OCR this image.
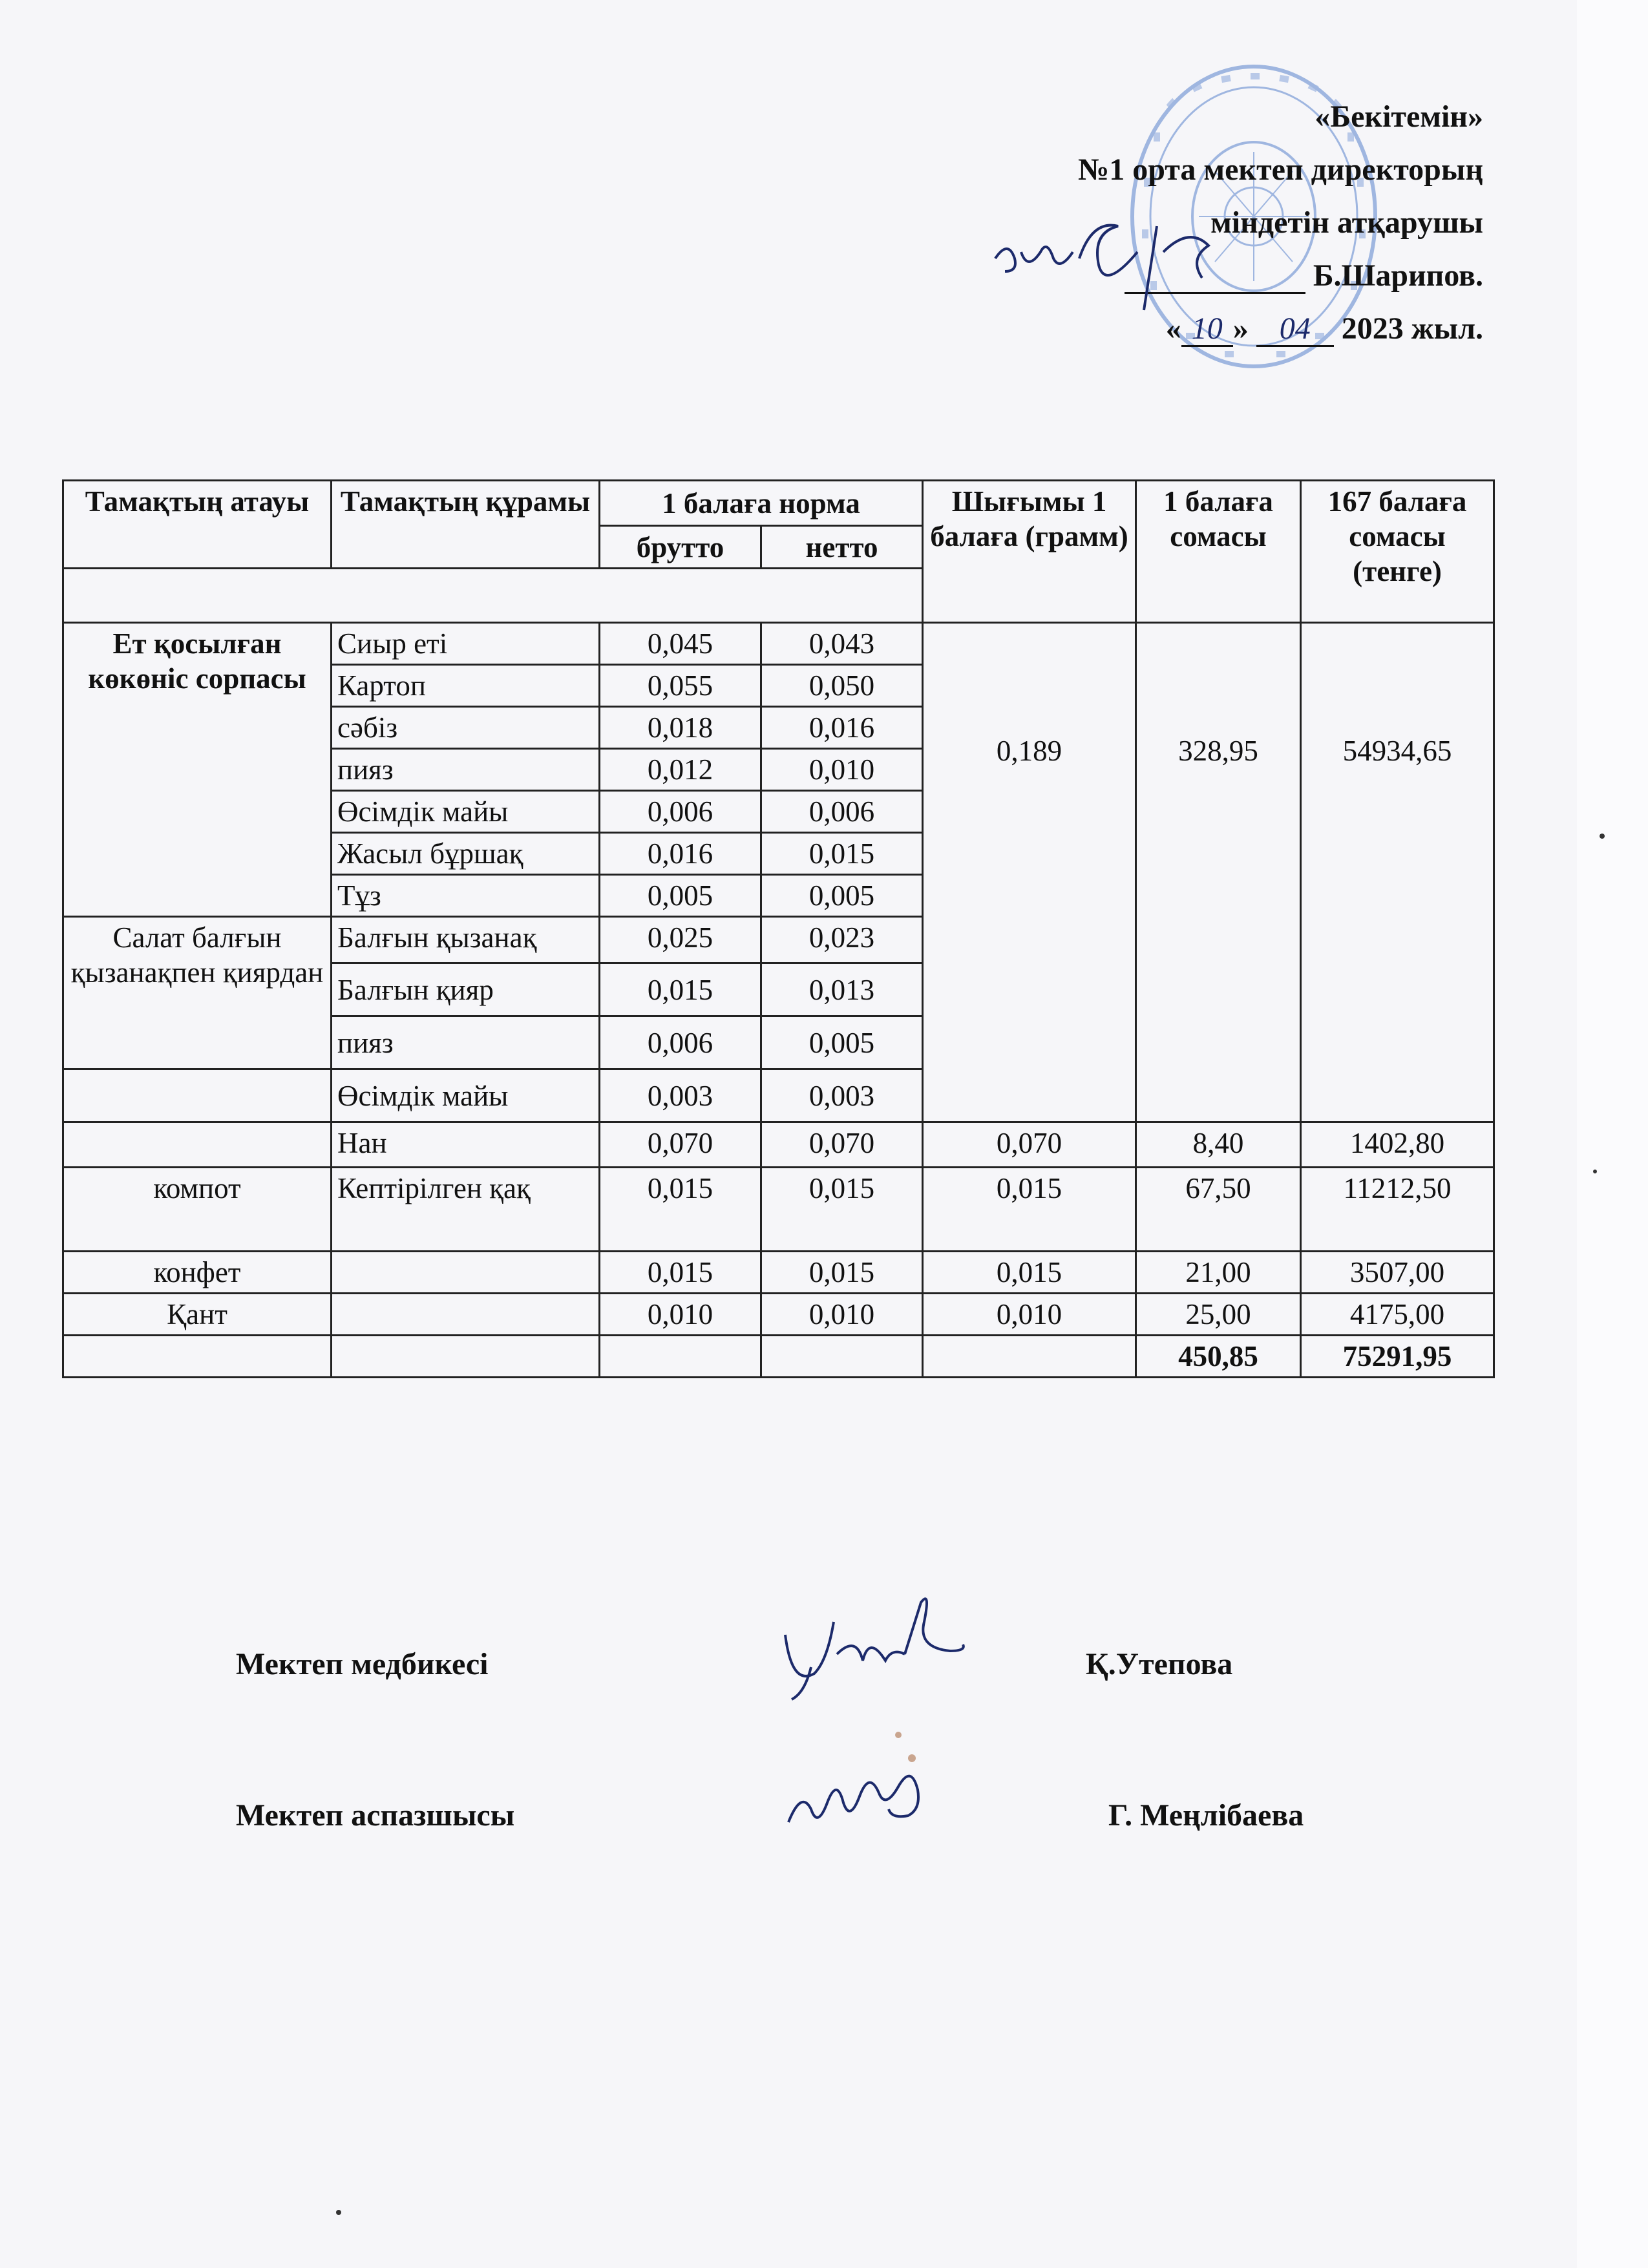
«Бекітемін»
№1 орта мектеп директорың
міндетін атқарушы
Б.Шарипов.
« 10 » 04 2023 жыл.
Тамақтың атауы	Тамақтың құрамы	1 балаға норма		Шығымы 1 балаға (грамм)	1 балаға сомасы	167 балаға сомасы (тенге)
		брутто	нетто			

Ет қосылған көкөніс сорпасы	Сиыр еті	0,045	0,043	0,189	328,95	54934,65
	Картоп	0,055	0,050			
	сәбіз	0,018	0,016			
	пияз	0,012	0,010			
	Өсімдік майы	0,006	0,006			
	Жасыл бұршақ	0,016	0,015			
	Тұз	0,005	0,005			
Салат балғын қызанақпен қиярдан	Балғын қызанақ	0,025	0,023			
	Балғын қияр	0,015	0,013			
	пияз	0,006	0,005			
	Өсімдік майы	0,003	0,003			
	Нан	0,070	0,070	0,070	8,40	1402,80
компот	Кептірілген қақ	0,015	0,015	0,015	67,50	11212,50
конфет		0,015	0,015	0,015	21,00	3507,00
Қант		0,010	0,010	0,010	25,00	4175,00
					450,85	75291,95
Мектеп медбикесі	Қ.Утепова
Мектеп аспазшысы	Г. Меңлібаева
